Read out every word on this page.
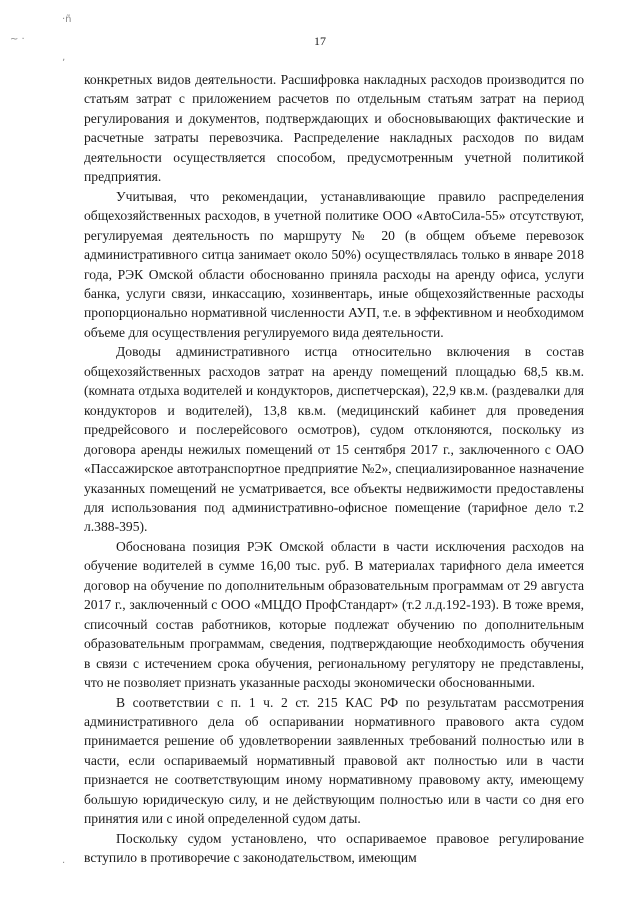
·ñ
~ ·
ʼ
·
17

конкретных видов деятельности. Расшифровка накладных расходов производится по статьям затрат с приложением расчетов по отдельным статьям затрат на период регулирования и документов, подтверждающих и обосновывающих фактические и расчетные затраты перевозчика. Распределение накладных расходов по видам деятельности осуществляется способом, предусмотренным учетной политикой предприятия.

Учитывая, что рекомендации, устанавливающие правило распределения общехозяйственных расходов, в учетной политике ООО «АвтоСила-55» отсутствуют, регулируемая деятельность по маршруту № 20 (в общем объеме перевозок административного ситца занимает около 50%) осуществлялась только в январе 2018 года, РЭК Омской области обоснованно приняла расходы на аренду офиса, услуги банка, услуги связи, инкассацию, хозинвентарь, иные общехозяйственные расходы пропорционально нормативной численности АУП, т.е. в эффективном и необходимом объеме для осуществления регулируемого вида деятельности.

Доводы административного истца относительно включения в состав общехозяйственных расходов затрат на аренду помещений площадью 68,5 кв.м. (комната отдыха водителей и кондукторов, диспетчерская), 22,9 кв.м. (раздевалки для кондукторов и водителей), 13,8 кв.м. (медицинский кабинет для проведения предрейсового и послерейсового осмотров), судом отклоняются, поскольку из договора аренды нежилых помещений от 15 сентября 2017 г., заключенного с ОАО «Пассажирское автотранспортное предприятие №2», специализированное назначение указанных помещений не усматривается, все объекты недвижимости предоставлены для использования под административно-офисное помещение (тарифное дело т.2 л.388-395).

Обоснована позиция РЭК Омской области в части исключения расходов на обучение водителей в сумме 16,00 тыс. руб. В материалах тарифного дела имеется договор на обучение по дополнительным образовательным программам от 29 августа 2017 г., заключенный с ООО «МЦДО ПрофСтандарт» (т.2 л.д.192-193). В тоже время, списочный состав работников, которые подлежат обучению по дополнительным образовательным программам, сведения, подтверждающие необходимость обучения в связи с истечением срока обучения, региональному регулятору не представлены, что не позволяет признать указанные расходы экономически обоснованными.

В соответствии с п. 1 ч. 2 ст. 215 КАС РФ по результатам рассмотрения административного дела об оспаривании нормативного правового акта судом принимается решение об удовлетворении заявленных требований полностью или в части, если оспариваемый нормативный правовой акт полностью или в части признается не соответствующим иному нормативному правовому акту, имеющему большую юридическую силу, и не действующим полностью или в части со дня его принятия или с иной определенной судом даты.

Поскольку судом установлено, что оспариваемое правовое регулирование вступило в противоречие с законодательством, имеющим
